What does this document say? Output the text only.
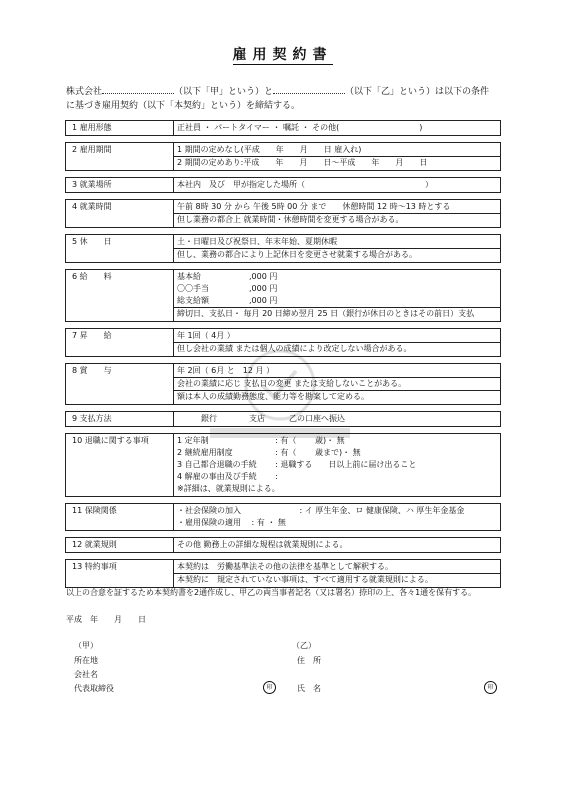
雇用契約書
株式会社	（以下「甲」という）と	（以下「乙」という）は以下の条件
に基づき雇用契約（以下「本契約」という）を締結する。
1 雇用形態	正社員 ・ パートタイマー ・ 嘱託 ・ その他(　　　　　　　　　　)

2 雇用期間	1 期間の定めなし(平成　　年　　月　　日 雇入れ)
2 期間の定めあり:平成　　年　　月　　日〜平成　　年　　月　　日

3 就業場所	本社内　及び　甲が指定した場所（　　　　　　　　　　　　　　　）

4 就業時間	午前 8時 30 分 から 午後 5時 00 分 まで　　休憩時間 12 時〜13 時とする
但し業務の都合上 就業時間・休憩時間を変更する場合がある。

5 休　　日	土・日曜日及び祝祭日、年末年始、夏期休暇
但し、業務の都合により上記休日を変更させ就業する場合がある。

6 給　　料	基本給　　　　　　,000 円
〇〇手当　　　　　,000 円
総支給額　　　　　,000 円
締切日、支払日・ 毎月 20 日締め翌月 25 日（銀行が休日のときはその前日）支払

7 昇　　給	年 1回（ 4月 ）
但し会社の業績 または個人の成績により改定しない場合がある。

8 賞　　与	年 2回（ 6月 と　12 月 ）
会社の業績に応じ 支払日の変更 または支給しないことがある。
額は本人の成績勤務態度、能力等を勘案して定める。

9 支払方法	　　　銀行　　　　支店　　　乙の口座へ振込

10 退職に関する事項	1 定年制　　　　　　　　 : 有（　　 歳)・ 無
2 継続雇用制度　　　　　 : 有（　　 歳まで)・ 無
3 自己都合退職の手続　　 : 退職する　　日以上前に届け出ること
4 解雇の事由及び手続　　 :
※詳細は、就業規則による。

11 保険関係	・社会保険の加入　　　　　　　 : イ 厚生年金、ロ 健康保険、ハ 厚生年金基金
・雇用保険の適用　 : 有 ・ 無

12 就業規則	その他 勤務上の詳細な規程は就業規則による。

13 特約事項	本契約は　労働基準法その他の法律を基準として解釈する。
本契約に　規定されていない事項は、すべて適用する就業規則による。
以上の合意を証するため本契約書を2通作成し、甲乙の両当事者記名（又は署名）捺印の上、各々1通を保有する。
平成　年　　月　　日
（甲）
所在地
会社名
代表取締役	印
（乙）
住　所
氏　名	印
